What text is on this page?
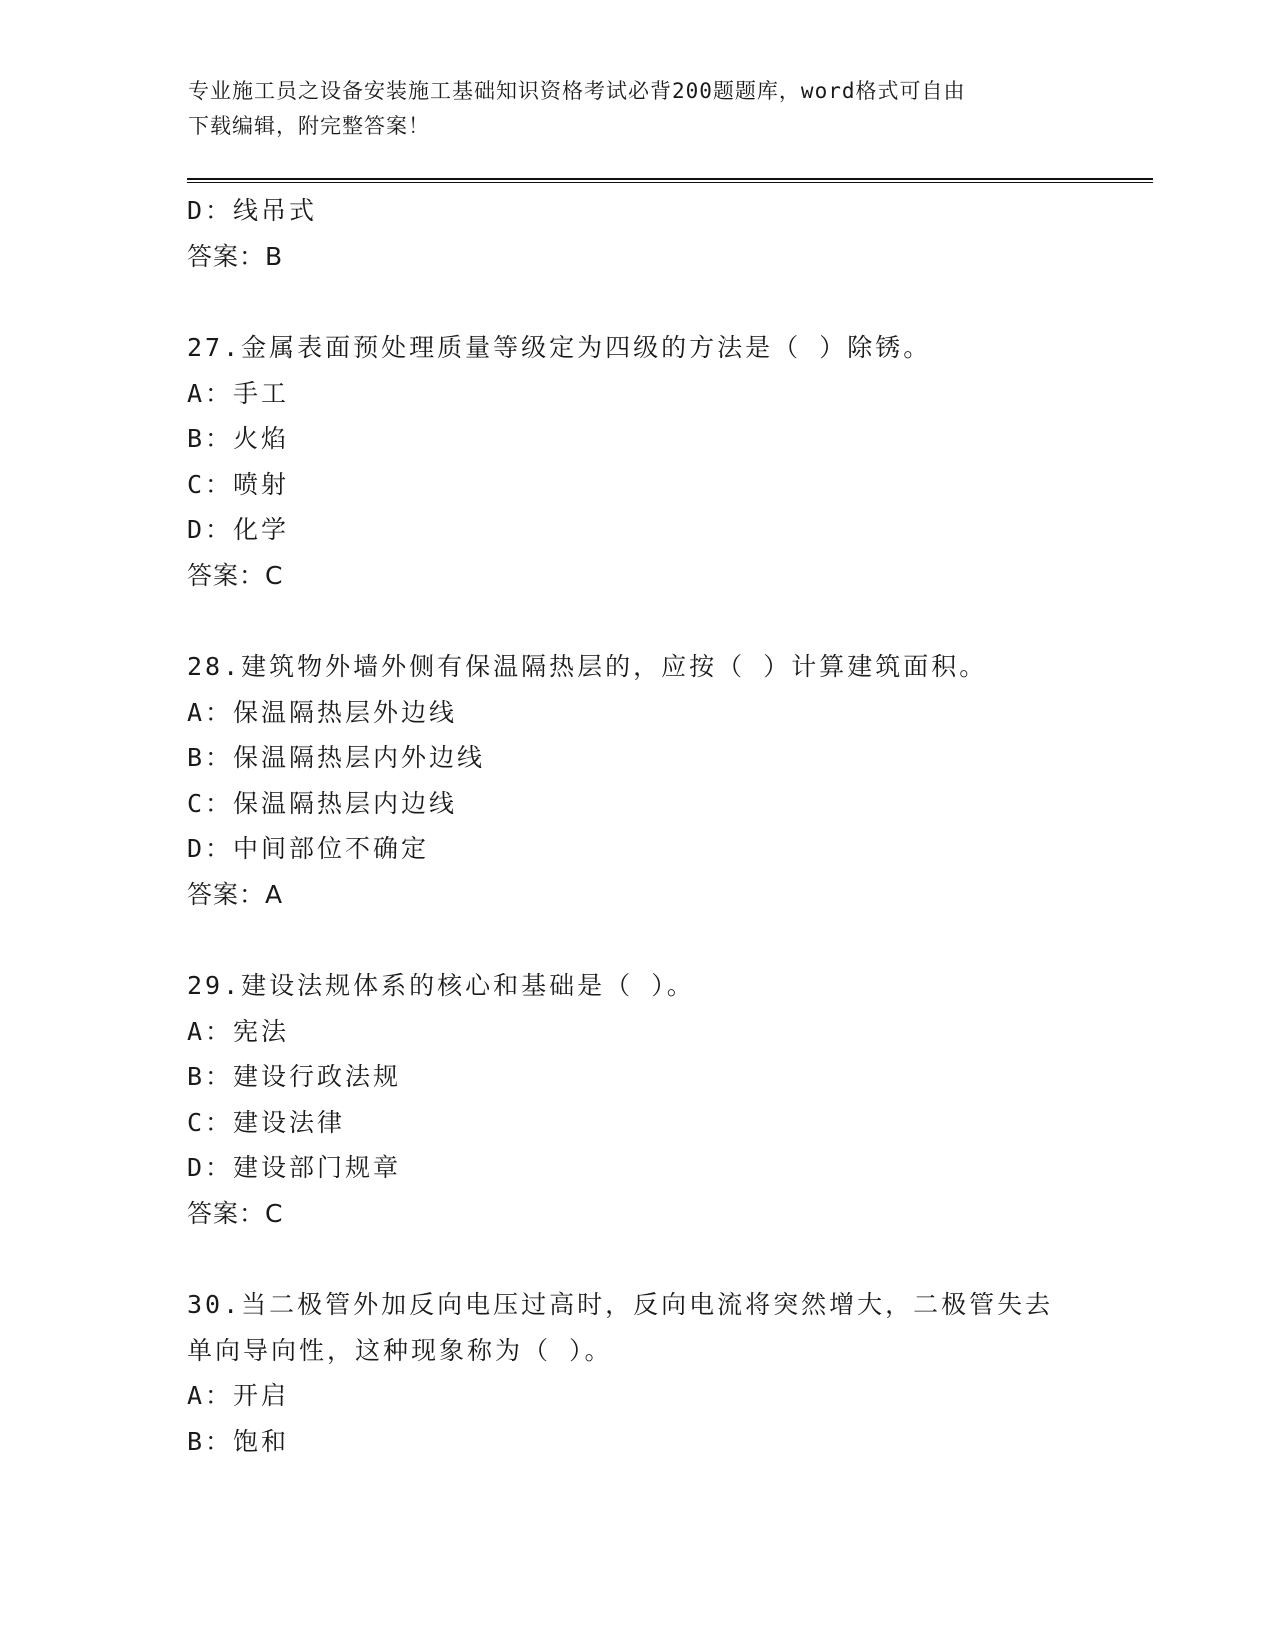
专业施工员之设备安装施工基础知识资格考试必背200题题库，word格式可自由
下载编辑，附完整答案！
D：线吊式
答案：B
27.金属表面预处理质量等级定为四级的方法是（ ）除锈。
A：手工
B：火焰
C：喷射
D：化学
答案：C
28.建筑物外墙外侧有保温隔热层的，应按（ ）计算建筑面积。
A：保温隔热层外边线
B：保温隔热层内外边线
C：保温隔热层内边线
D：中间部位不确定
答案：A
29.建设法规体系的核心和基础是（ ）。
A：宪法
B：建设行政法规
C：建设法律
D：建设部门规章
答案：C
30.当二极管外加反向电压过高时，反向电流将突然增大，二极管失去
单向导向性，这种现象称为（ ）。
A：开启
B：饱和
